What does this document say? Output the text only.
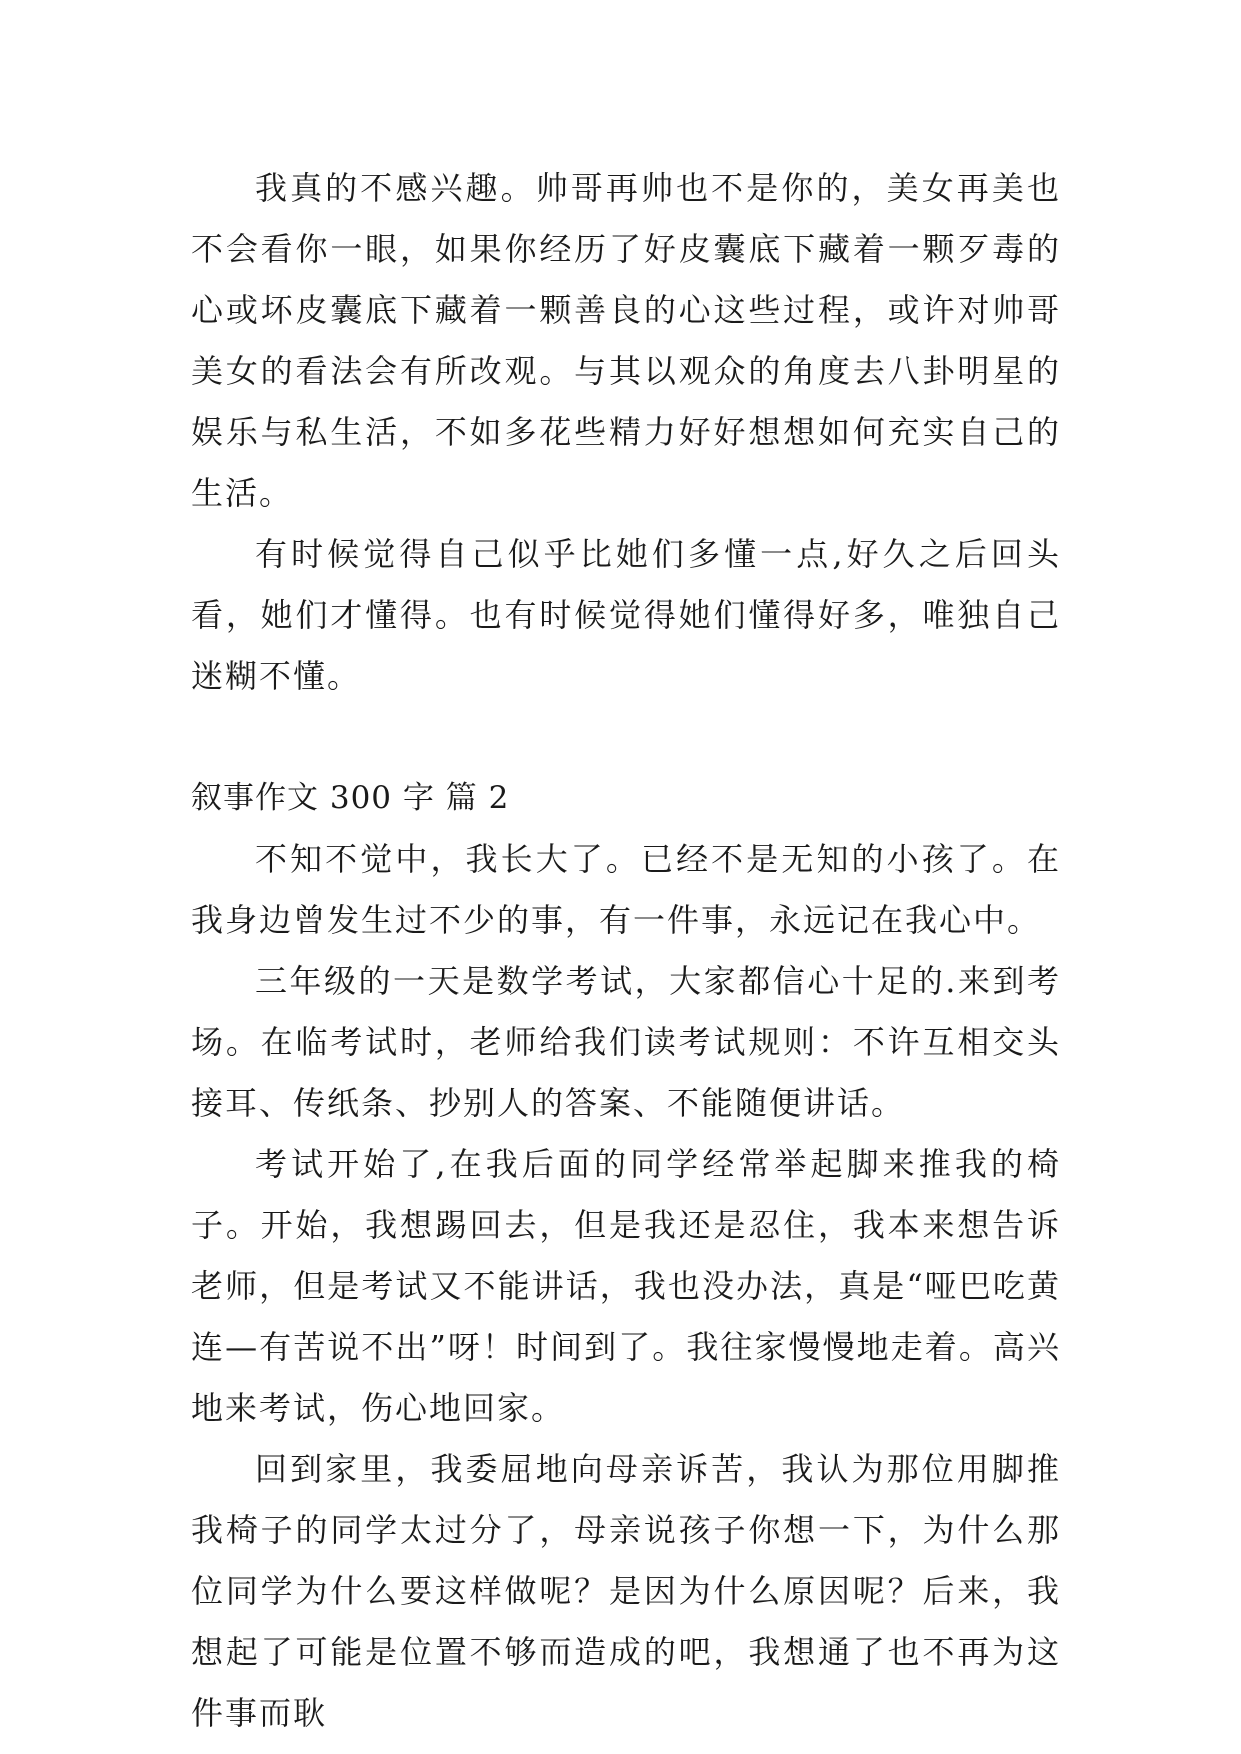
我真的不感兴趣。帅哥再帅也不是你的，美女再美也不会看你一眼，如果你经历了好皮囊底下藏着一颗歹毒的心或坏皮囊底下藏着一颗善良的心这些过程，或许对帅哥美女的看法会有所改观。与其以观众的角度去八卦明星的娱乐与私生活，不如多花些精力好好想想如何充实自己的生活。

有时候觉得自己似乎比她们多懂一点,好久之后回头看，她们才懂得。也有时候觉得她们懂得好多，唯独自己迷糊不懂。

叙事作文 300 字 篇 2

不知不觉中，我长大了。已经不是无知的小孩了。在我身边曾发生过不少的事，有一件事，永远记在我心中。

三年级的一天是数学考试，大家都信心十足的.来到考场。在临考试时，老师给我们读考试规则：不许互相交头接耳、传纸条、抄别人的答案、不能随便讲话。

考试开始了,在我后面的同学经常举起脚来推我的椅子。开始，我想踢回去，但是我还是忍住，我本来想告诉老师，但是考试又不能讲话，我也没办法，真是“哑巴吃黄连—有苦说不出”呀！时间到了。我往家慢慢地走着。高兴地来考试，伤心地回家。

回到家里，我委屈地向母亲诉苦，我认为那位用脚推我椅子的同学太过分了，母亲说孩子你想一下，为什么那位同学为什么要这样做呢？是因为什么原因呢？后来，我想起了可能是位置不够而造成的吧，我想通了也不再为这件事而耿
